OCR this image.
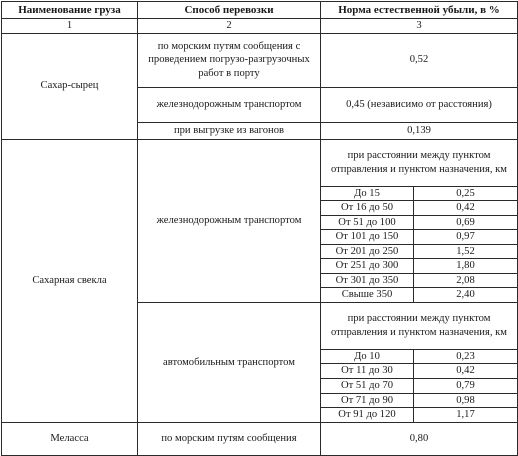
Наименование груза	Способ перевозки	Норма естественной убыли, в %	
1	2	3	
Сахар-сырец	по морским путям сообщения с проведением погрузо-разгрузочных работ в порту	0,52	
	железнодорожным транспортом	0,45 (независимо от расстояния)	
	при выгрузке из вагонов	0,139	
Сахарная свекла	железнодорожным транспортом	при расстоянии между пунктом отправления и пунктом назначения, км	
		До 15	0,25
		От 16 до 50	0,42
		От 51 до 100	0,69
		От 101 до 150	0,97
		От 201 до 250	1,52
		От 251 до 300	1,80
		От 301 до 350	2,08
		Свыше 350	2,40
	автомобильным транспортом	при расстоянии между пунктом отправления и пунктом назначения, км	
		До 10	0,23
		От 11 до 30	0,42
		От 51 до 70	0,79
		От 71 до 90	0,98
		От 91 до 120	1,17
Меласса	по морским путям сообщения	0,80	
